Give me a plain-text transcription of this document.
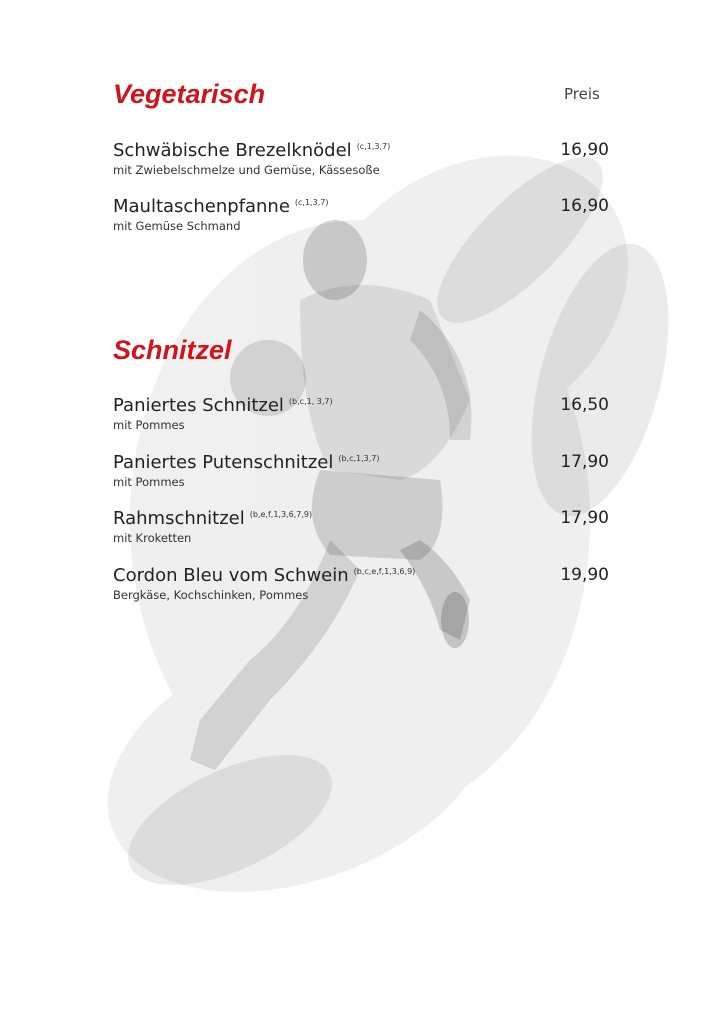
Preis
Vegetarisch
Schwäbische Brezelknödel $^{(c,1,3,7)}$
mit Zwiebelschmelze und Gemüse, Kässesoße
16,90
Maultaschenpfanne $^{(c,1,3,7)}$
mit Gemüse Schmand
16,90
Schnitzel
Paniertes Schnitzel $^{(b,c,1, 3,7)}$
mit Pommes
16,50
Paniertes Putenschnitzel $^{(b,c,1,3,7)}$
mit Pommes
17,90
Rahmschnitzel $^{(b,e,f,1,3,6,7,9)}$
mit Kroketten
17,90
Cordon Bleu vom Schwein $^{(b,c,e,f,1,3,6,9)}$
Bergkäse, Kochschinken, Pommes
19,90
